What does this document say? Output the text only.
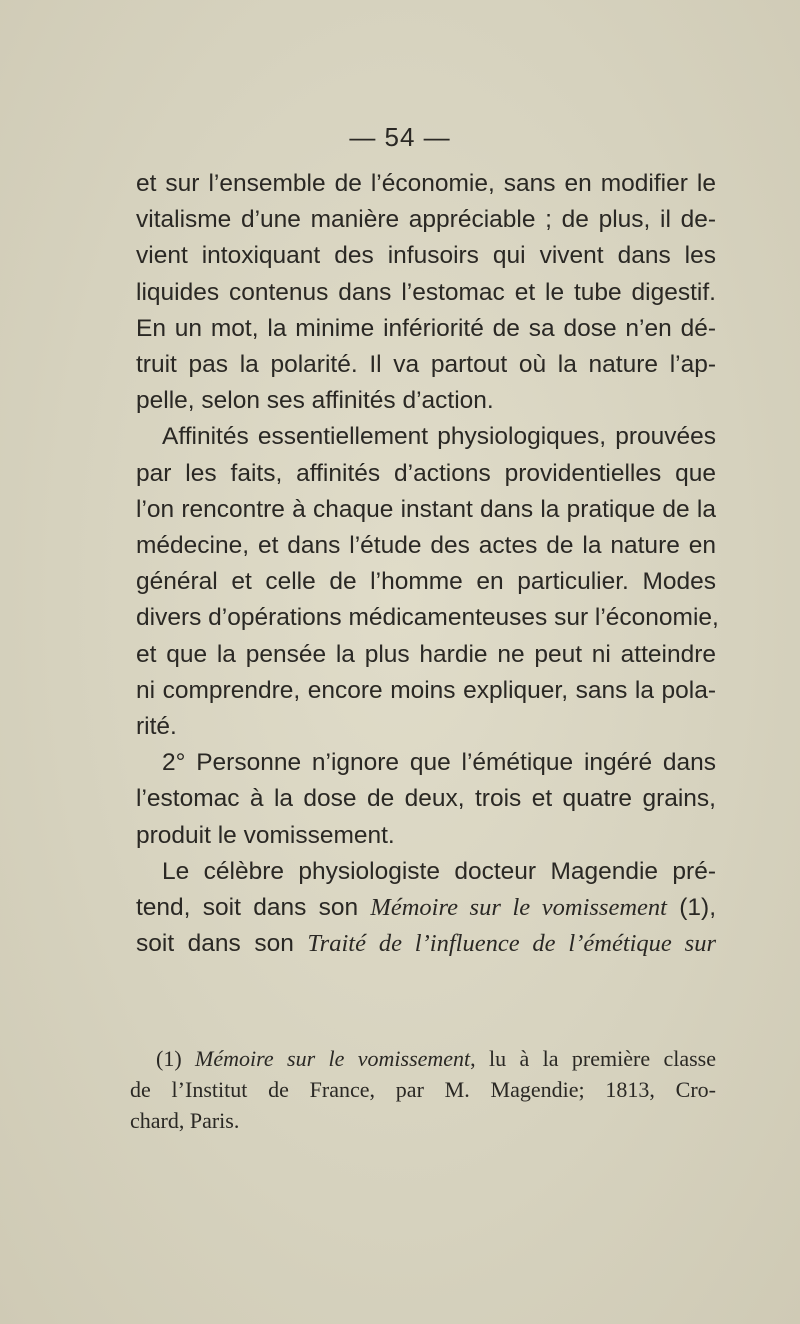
— 54 —
et sur l’ensemble de l’économie, sans en modifier le
vitalisme d’une manière appréciable ; de plus, il de-
vient intoxiquant des infusoirs qui vivent dans les
liquides contenus dans l’estomac et le tube digestif.
En un mot, la minime infériorité de sa dose n’en dé-
truit pas la polarité. Il va partout où la nature l’ap-
pelle, selon ses affinités d’action.
Affinités essentiellement physiologiques, prouvées
par les faits, affinités d’actions providentielles que
l’on rencontre à chaque instant dans la pratique de la
médecine, et dans l’étude des actes de la nature en
général et celle de l’homme en particulier. Modes
divers d’opérations médicamenteuses sur l’économie,
et que la pensée la plus hardie ne peut ni atteindre
ni comprendre, encore moins expliquer, sans la pola-
rité.
2° Personne n’ignore que l’émétique ingéré dans
l’estomac à la dose de deux, trois et quatre grains,
produit le vomissement.
Le célèbre physiologiste docteur Magendie pré-
tend, soit dans son Mémoire sur le vomissement (1),
soit dans son Traité de l’influence de l’émétique sur
(1) Mémoire sur le vomissement, lu à la première classe
de l’Institut de France, par M. Magendie; 1813, Cro-
chard, Paris.
